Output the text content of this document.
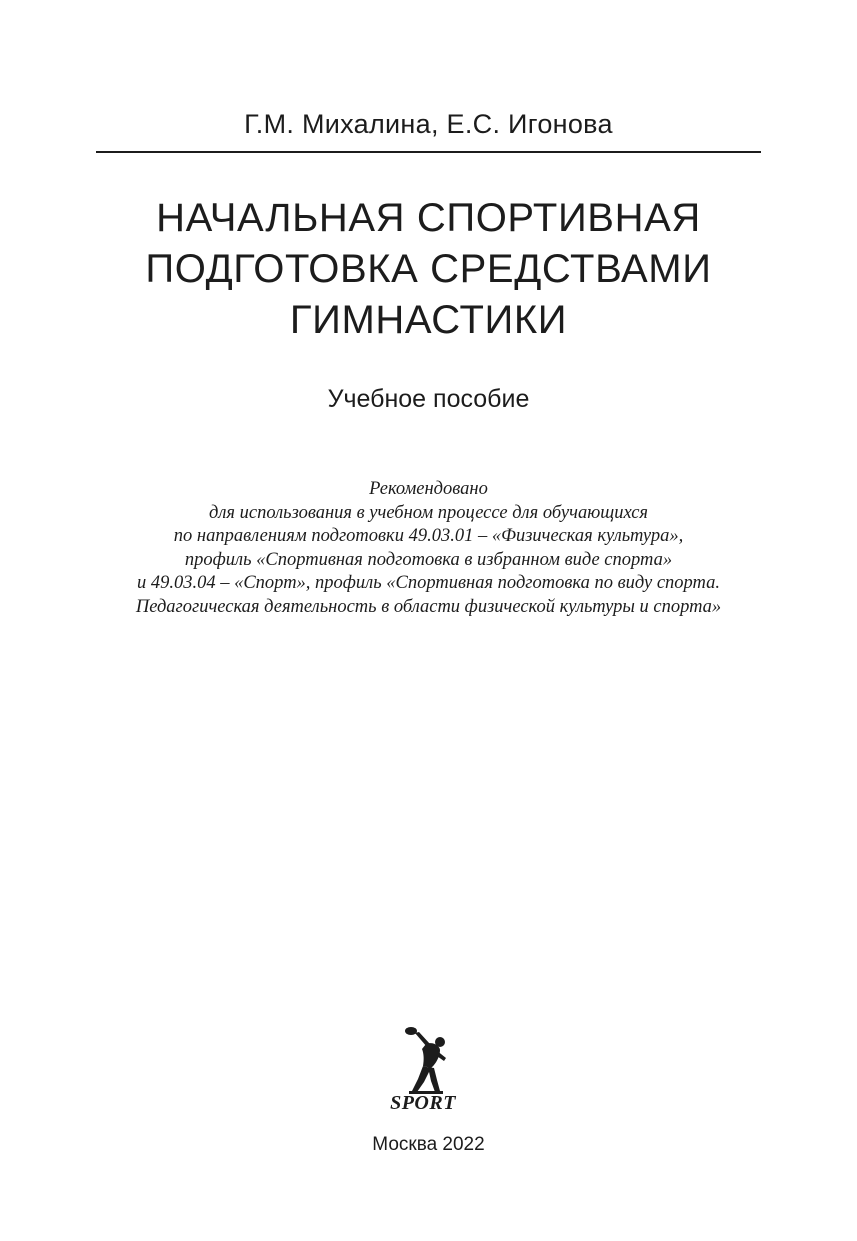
Г.М. Михалина, Е.С. Игонова
НАЧАЛЬНАЯ СПОРТИВНАЯ
ПОДГОТОВКА СРЕДСТВАМИ
ГИМНАСТИКИ
Учебное пособие
Рекомендовано
для использования в учебном процессе для обучающихся
по направлениям подготовки 49.03.01 – «Физическая культура»,
профиль «Спортивная подготовка в избранном виде спорта»
и 49.03.04 – «Спорт», профиль «Спортивная подготовка по виду спорта.
Педагогическая деятельность в области физической культуры и спорта»
SPORT
Москва 2022
